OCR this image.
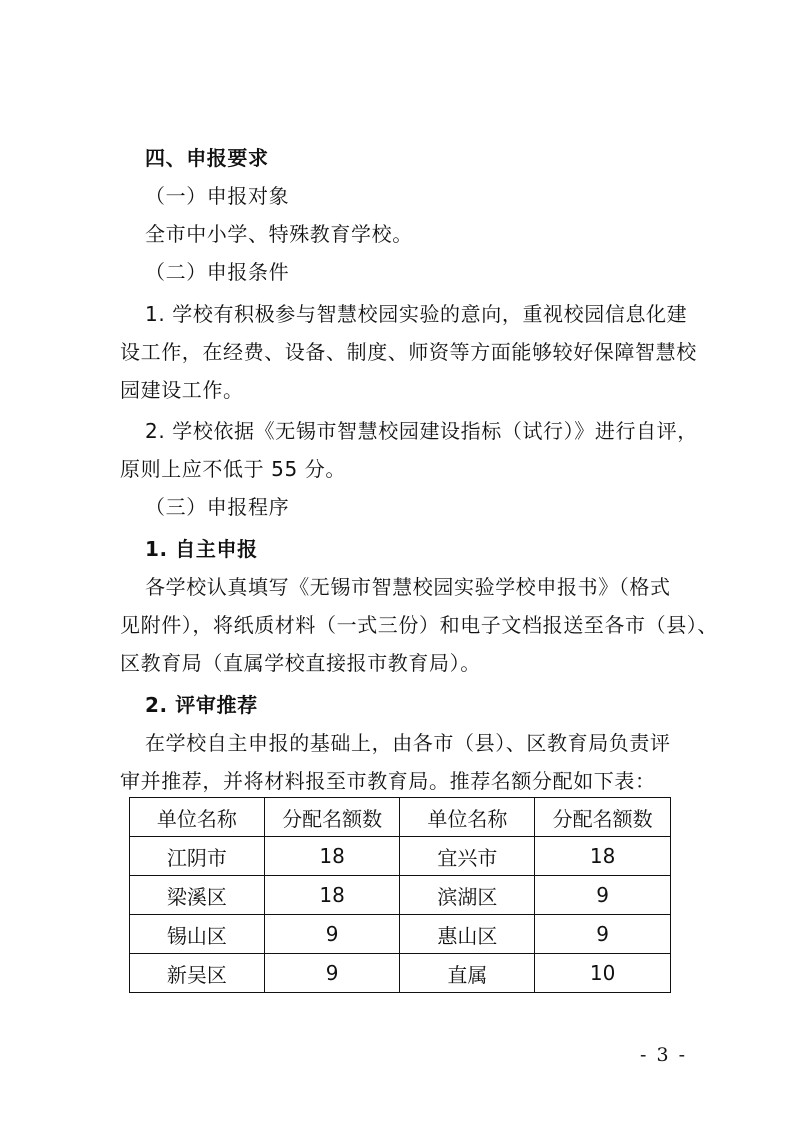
四、申报要求
（一）申报对象
全市中小学、特殊教育学校。
（二）申报条件
1. 学校有积极参与智慧校园实验的意向，重视校园信息化建
设工作，在经费、设备、制度、师资等方面能够较好保障智慧校
园建设工作。
2. 学校依据《无锡市智慧校园建设指标（试行）》进行自评，
原则上应不低于 55 分。
（三）申报程序
1. 自主申报
各学校认真填写《无锡市智慧校园实验学校申报书》（格式
见附件），将纸质材料（一式三份）和电子文档报送至各市（县）、
区教育局（直属学校直接报市教育局）。
2. 评审推荐
在学校自主申报的基础上，由各市（县）、区教育局负责评
审并推荐，并将材料报至市教育局。推荐名额分配如下表：
单位名称	分配名额数	单位名称	分配名额数
江阴市	18	宜兴市	18
梁溪区	18	滨湖区	9
锡山区	9	惠山区	9
新吴区	9	直属	10
- 3 -
